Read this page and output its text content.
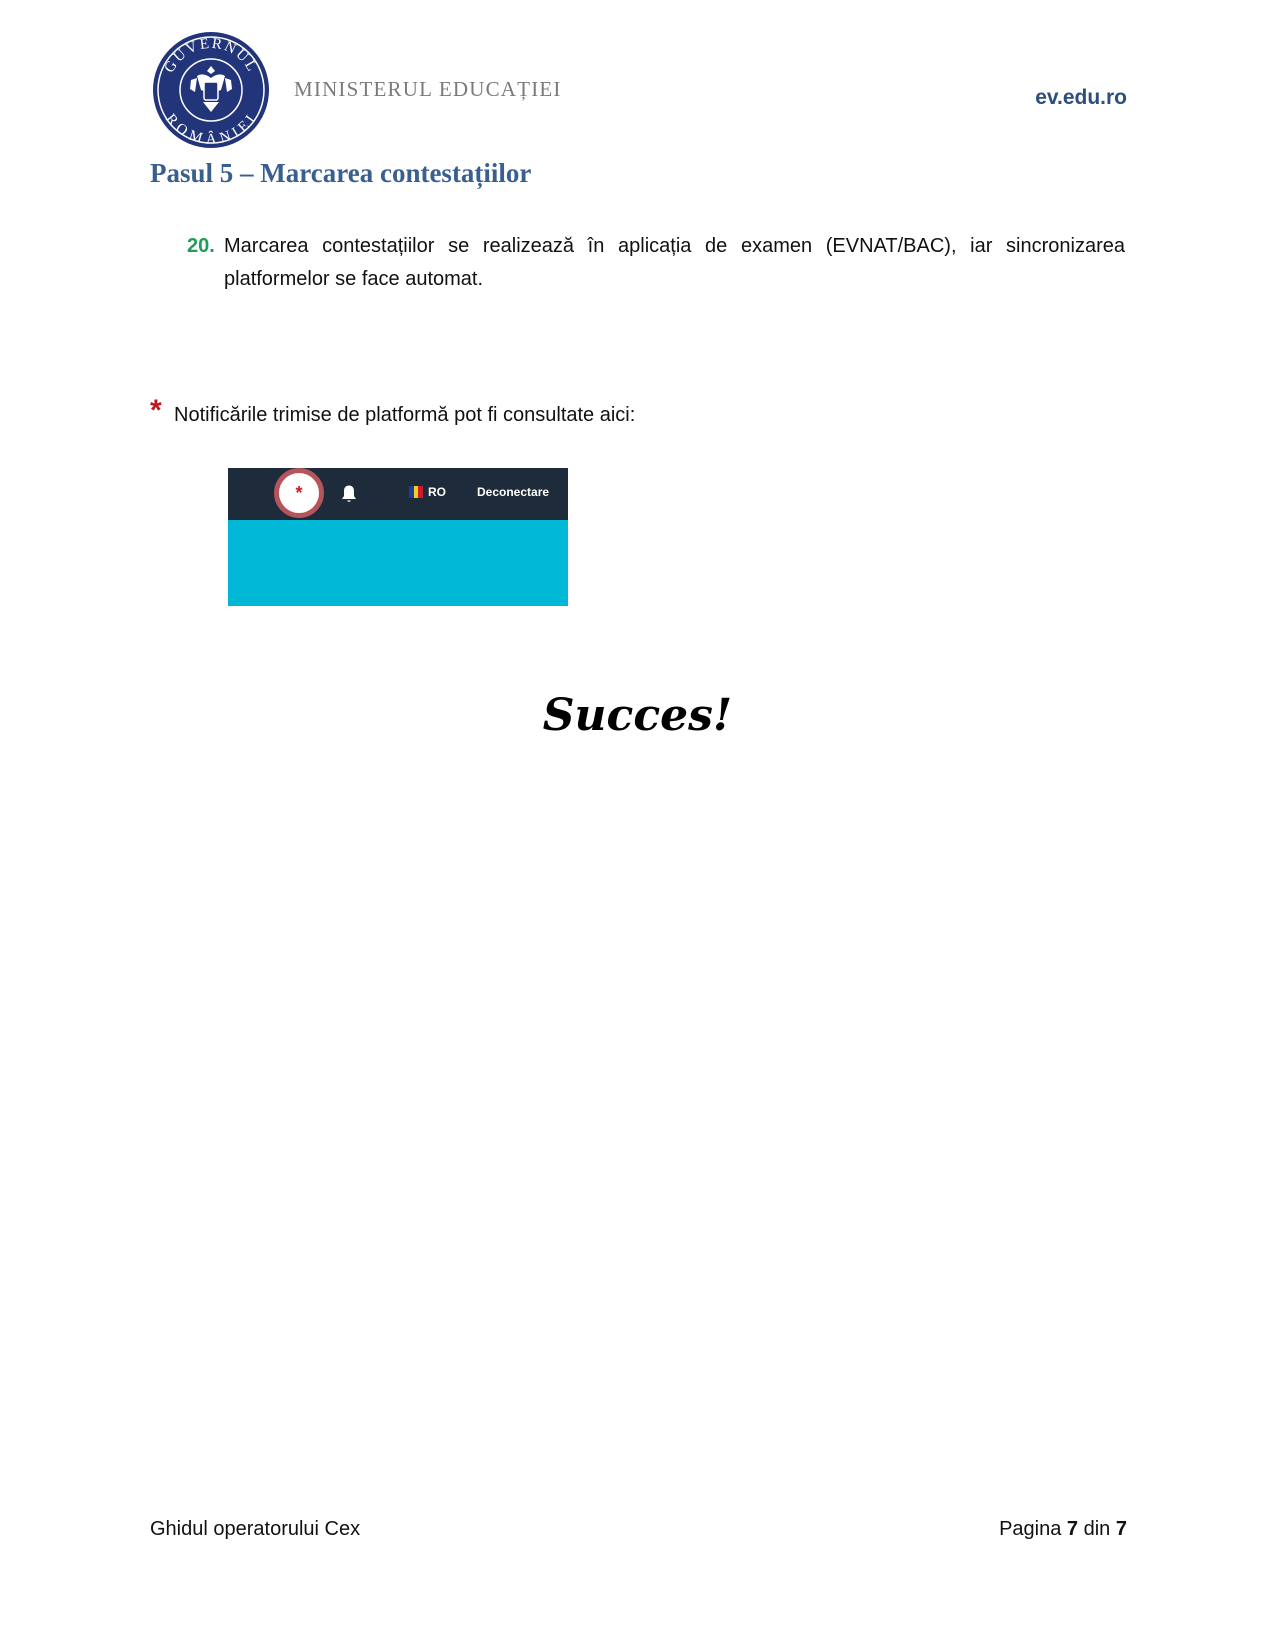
GUVERNUL
ROMÂNIEI
MINISTERUL EDUCAȚIEI	ev.edu.ro
Pasul 5 – Marcarea contestațiilor
20. Marcarea contestațiilor se realizează în aplicația de examen (EVNAT/BAC), iar sincronizarea platformelor se face automat.
* Notificările trimise de platformă pot fi consultate aici:
*	RO	Deconectare
Succes!
Ghidul operatorului Cex	Pagina 7 din 7
